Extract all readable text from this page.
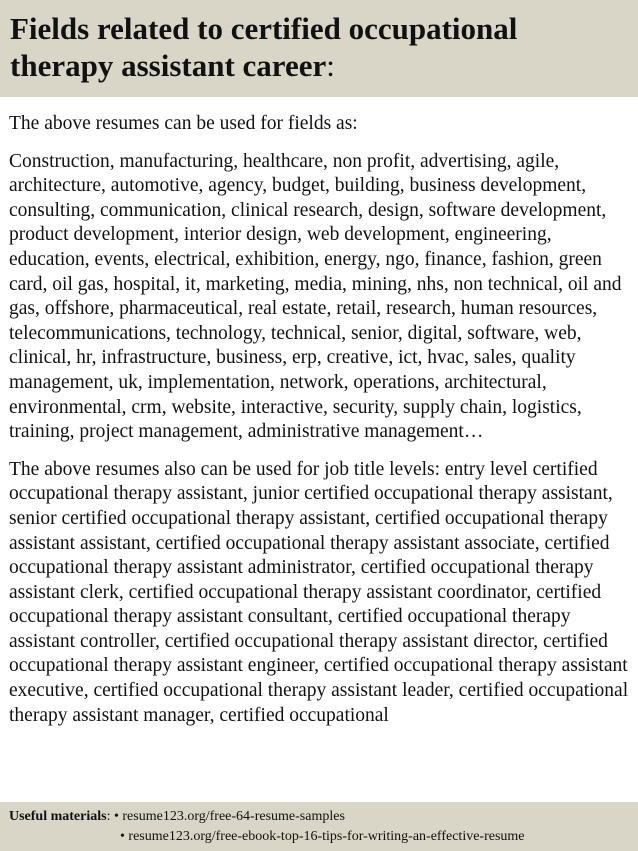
Fields related to certified occupational
therapy assistant career:

The above resumes can be used for fields as:

Construction, manufacturing, healthcare, non profit, advertising, agile, architecture, automotive, agency, budget, building, business development, consulting, communication, clinical research, design, software development, product development, interior design, web development, engineering, education, events, electrical, exhibition, energy, ngo, finance, fashion, green card, oil gas, hospital, it, marketing, media, mining, nhs, non technical, oil and gas, offshore, pharmaceutical, real estate, retail, research, human resources, telecommunications, technology, technical, senior, digital, software, web, clinical, hr, infrastructure, business, erp, creative, ict, hvac, sales, quality management, uk, implementation, network, operations, architectural, environmental, crm, website, interactive, security, supply chain, logistics, training, project management, administrative management…

The above resumes also can be used for job title levels: entry level certified occupational therapy assistant, junior certified occupational therapy assistant, senior certified occupational therapy assistant, certified occupational therapy assistant assistant, certified occupational therapy assistant associate, certified occupational therapy assistant administrator, certified occupational therapy assistant clerk, certified occupational therapy assistant coordinator, certified occupational therapy assistant consultant, certified occupational therapy assistant controller, certified occupational therapy assistant director, certified occupational therapy assistant engineer, certified occupational therapy assistant executive, certified occupational therapy assistant leader, certified occupational therapy assistant manager, certified occupational

Useful materials: • resume123.org/free-64-resume-samples
• resume123.org/free-ebook-top-16-tips-for-writing-an-effective-resume
